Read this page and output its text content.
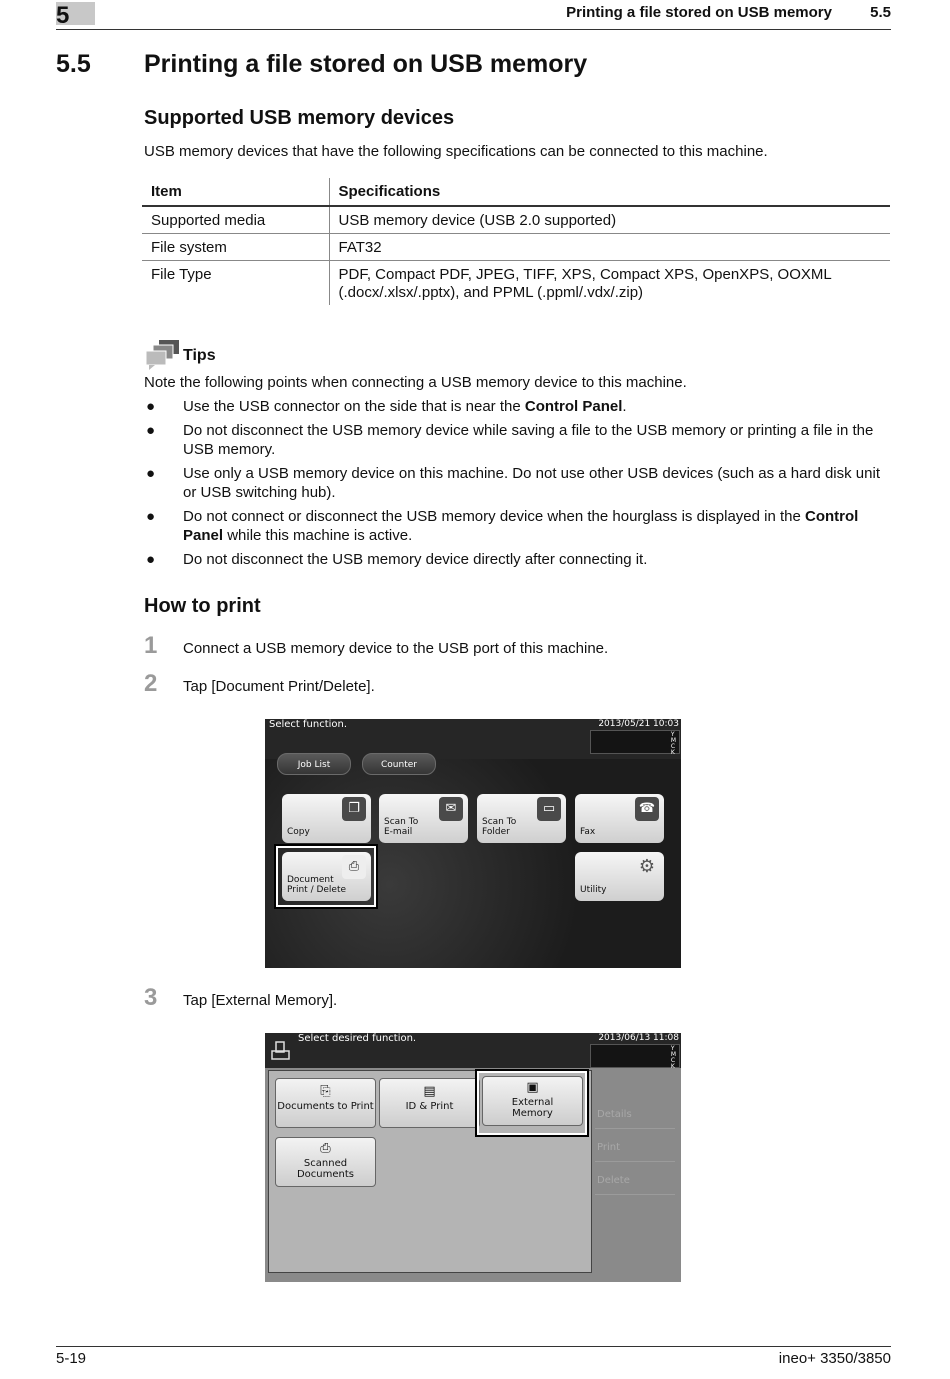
5	Printing a file stored on USB memory	5.5
5.5 Printing a file stored on USB memory
Supported USB memory devices
USB memory devices that have the following specifications can be connected to this machine.
Item	Specifications
Supported media	USB memory device (USB 2.0 supported)
File system	FAT32
File Type	PDF, Compact PDF, JPEG, TIFF, XPS, Compact XPS, OpenXPS, OOXML (.docx/.xlsx/.pptx), and PPML (.ppml/.vdx/.zip)
Tips
Note the following points when connecting a USB memory device to this machine.
● Use the USB connector on the side that is near the Control Panel.
● Do not disconnect the USB memory device while saving a file to the USB memory or printing a file in the USB memory.
● Use only a USB memory device on this machine. Do not use other USB devices (such as a hard disk unit or USB switching hub).
● Do not connect or disconnect the USB memory device when the hourglass is displayed in the Control Panel while this machine is active.
● Do not disconnect the USB memory device directly after connecting it.
How to print
1 Connect a USB memory device to the USB port of this machine.
2 Tap [Document Print/Delete].
Select function.	2013/05/21 10:03
Y
M
C
K
Job List	Counter
❐
Copy
✉
Scan To
E-mail
▭
Scan To
Folder
☎
Fax
⎙
Document
Print / Delete
⚙
Utility
3 Tap [External Memory].
Select desired function.	2013/06/13 11:08
Y
M
C
K
⎘
Documents to Print
▤
ID & Print
▣
External
Memory
⎙
Scanned
Documents
Details
Print
Delete
5-19	ineo+ 3350/3850
